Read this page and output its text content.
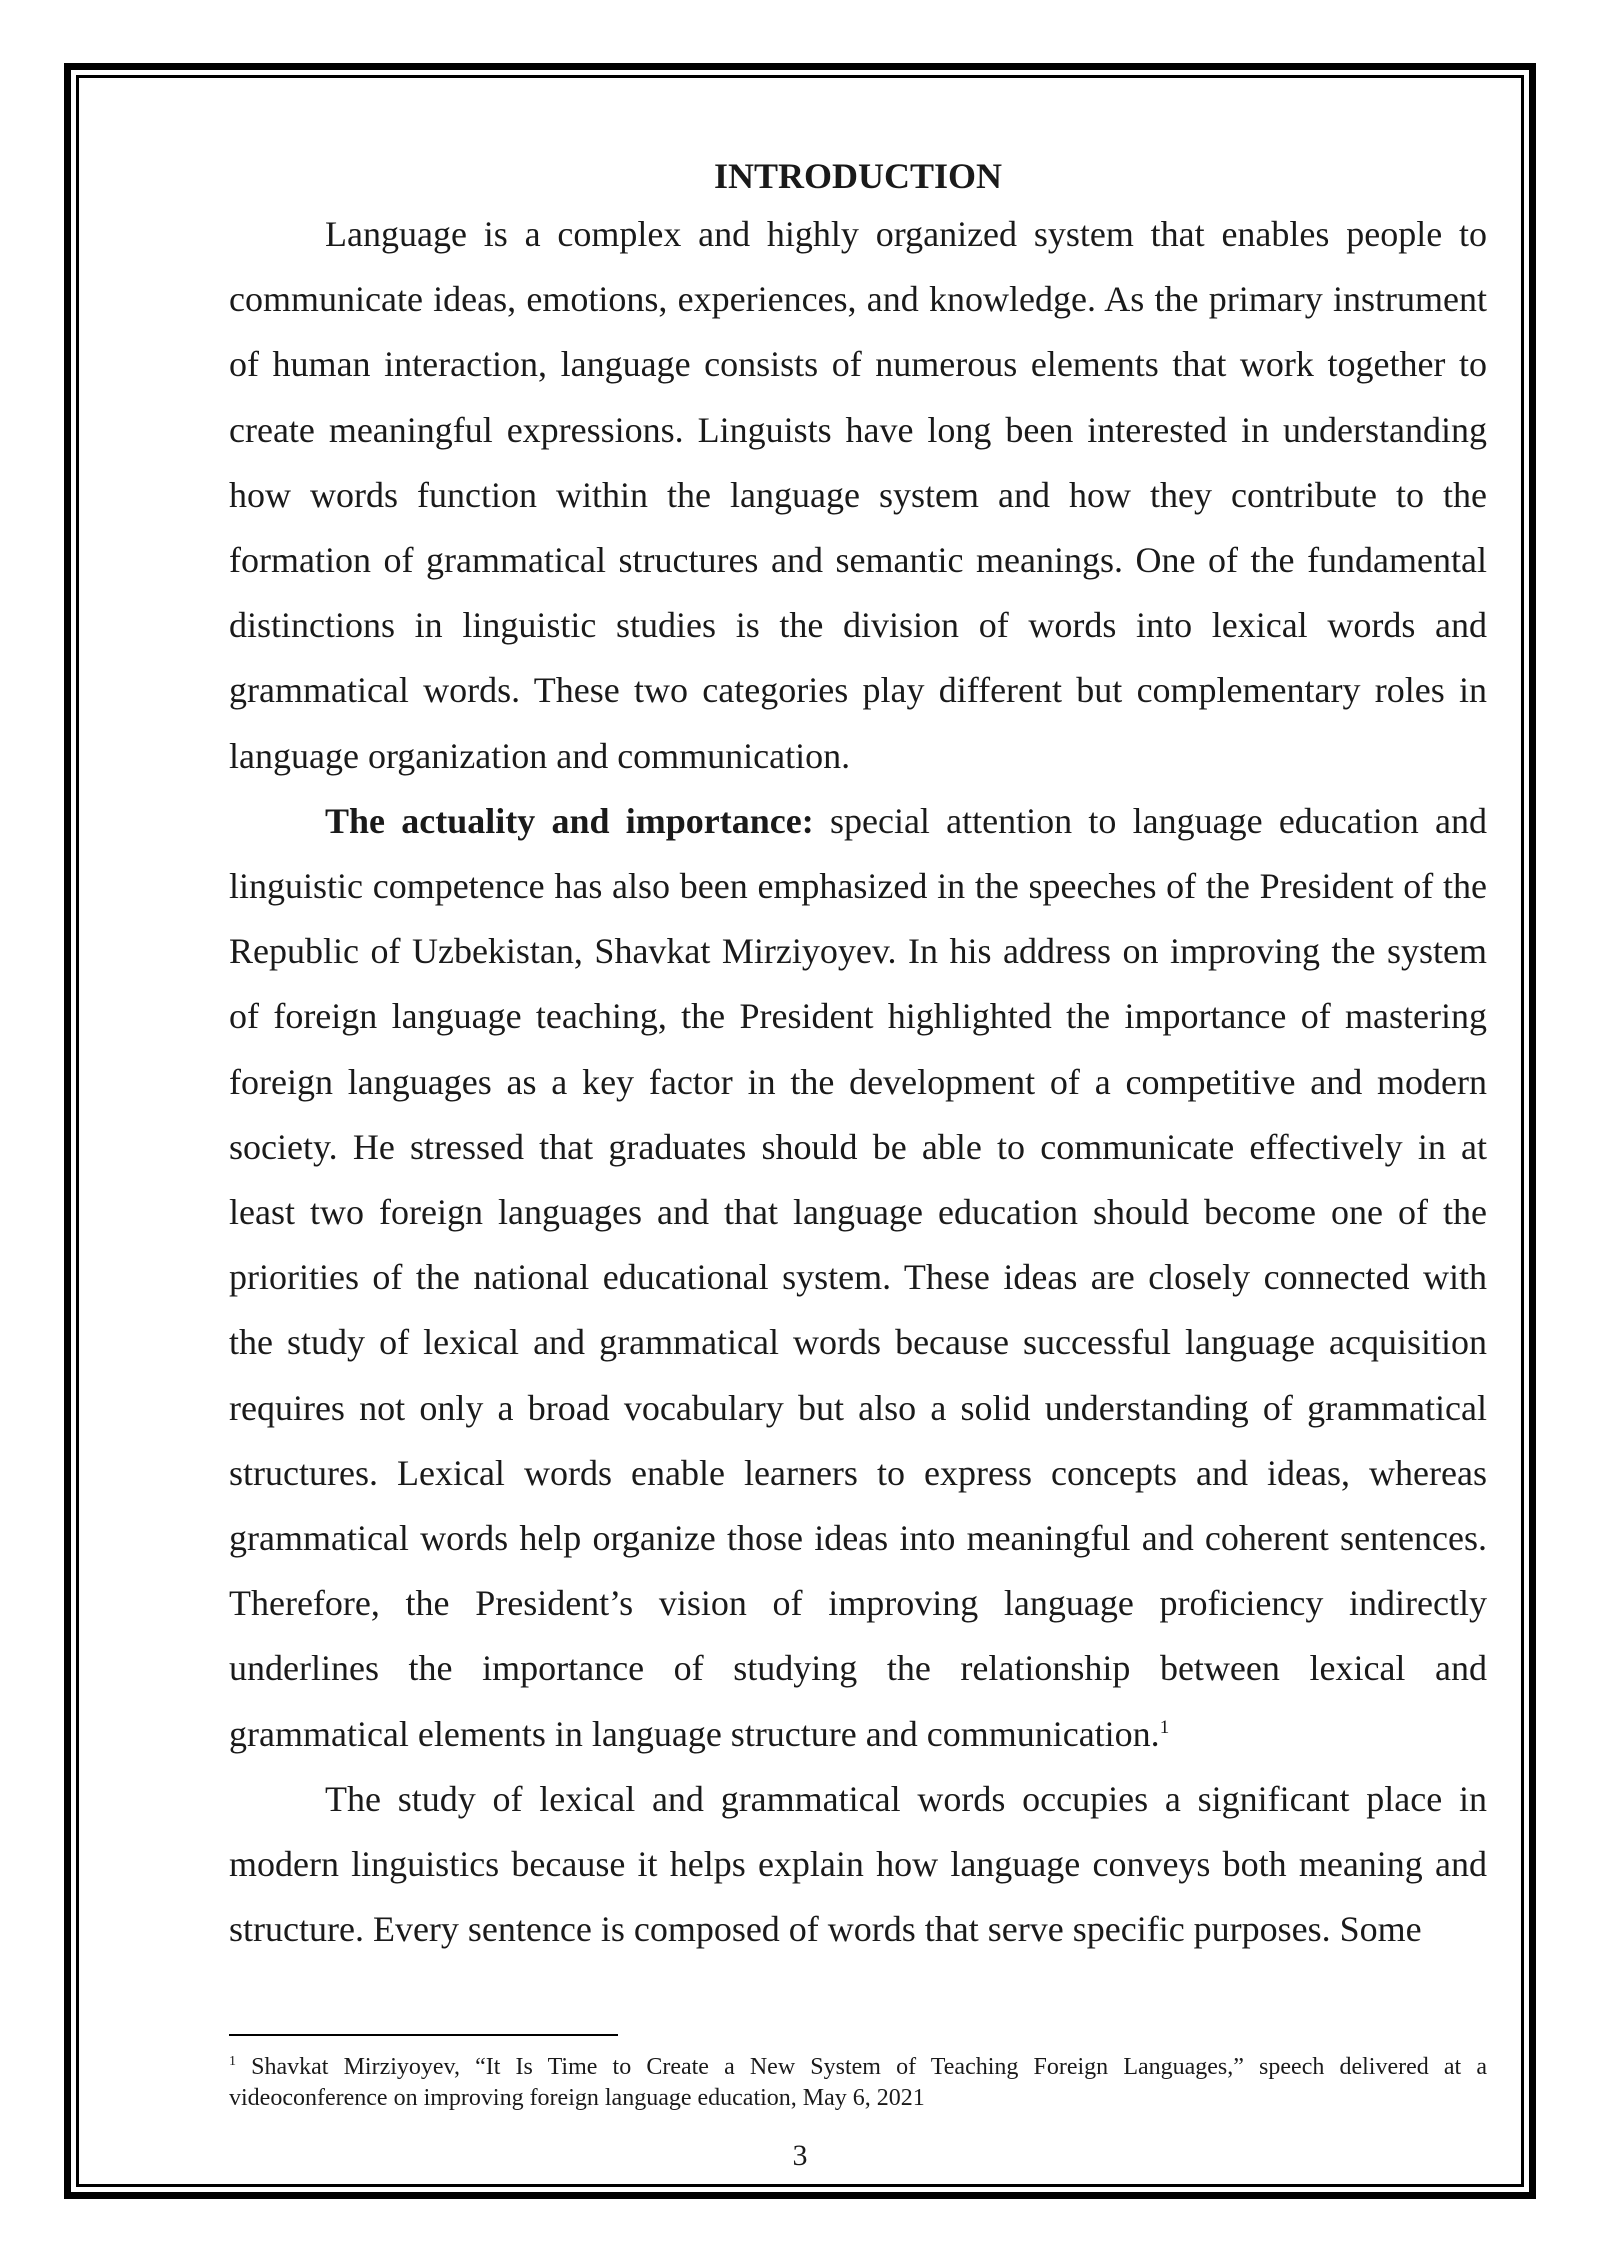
INTRODUCTION

Language is a complex and highly organized system that enables people to communicate ideas, emotions, experiences, and knowledge. As the primary instrument of human interaction, language consists of numerous elements that work together to create meaningful expressions. Linguists have long been interested in understanding how words function within the language system and how they contribute to the formation of grammatical structures and semantic meanings. One of the fundamental distinctions in linguistic studies is the division of words into lexical words and grammatical words. These two categories play different but complementary roles in language organization and communication.

The actuality and importance: special attention to language education and linguistic competence has also been emphasized in the speeches of the President of the Republic of Uzbekistan, Shavkat Mirziyoyev. In his address on improving the system of foreign language teaching, the President highlighted the importance of mastering foreign languages as a key factor in the development of a competitive and modern society. He stressed that graduates should be able to communicate effectively in at least two foreign languages and that language education should become one of the priorities of the national educational system. These ideas are closely connected with the study of lexical and grammatical words because successful language acquisition requires not only a broad vocabulary but also a solid understanding of grammatical structures. Lexical words enable learners to express concepts and ideas, whereas grammatical words help organize those ideas into meaningful and coherent sentences. Therefore, the President’s vision of improving language proficiency indirectly underlines the importance of studying the relationship between lexical and grammatical elements in language structure and communication.$^1$

The study of lexical and grammatical words occupies a significant place in modern linguistics because it helps explain how language conveys both meaning and structure. Every sentence is composed of words that serve specific purposes. Some

$^1$ Shavkat Mirziyoyev, “It Is Time to Create a New System of Teaching Foreign Languages,” speech delivered at a videoconference on improving foreign language education, May 6, 2021

3
